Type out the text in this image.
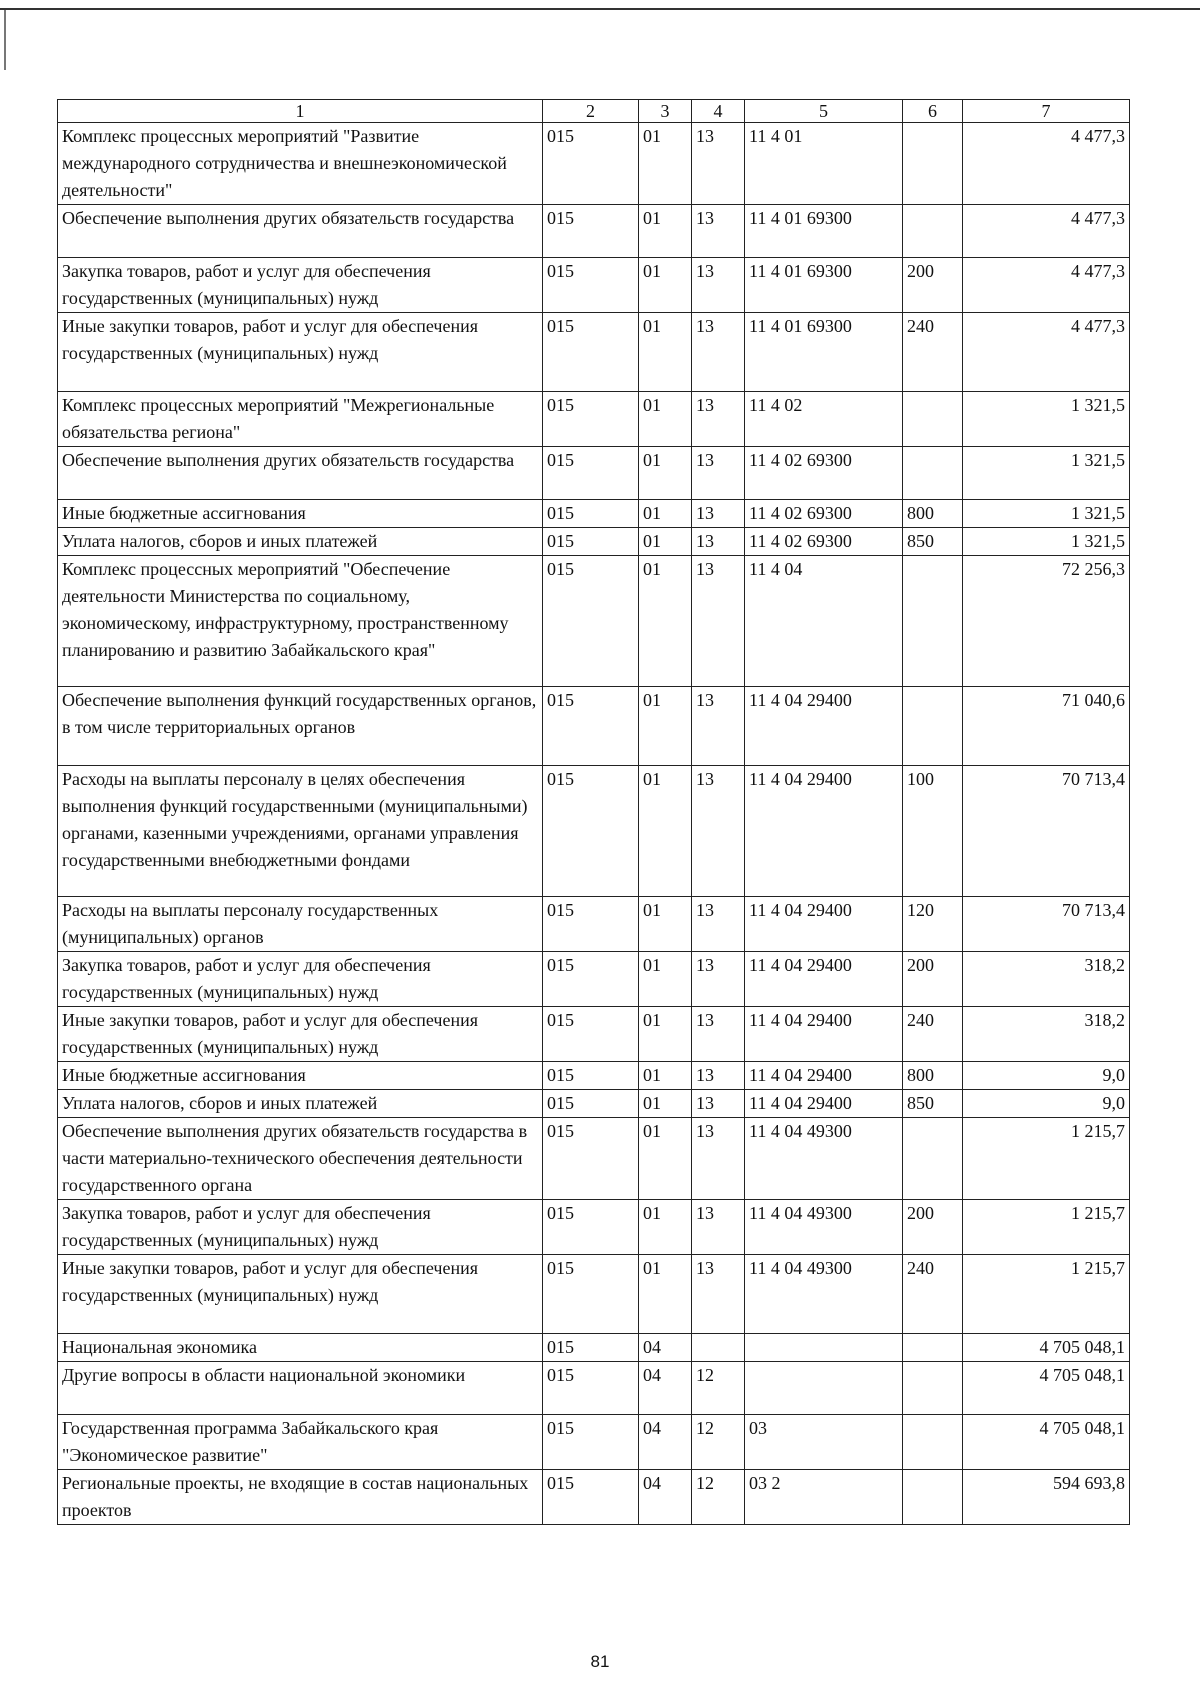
1	2	3	4	5	6	7
Комплекс процессных мероприятий "Развитие международного сотрудничества и внешнеэкономической деятельности"	015	01	13	11 4 01		4 477,3
Обеспечение выполнения других обязательств государства	015	01	13	11 4 01 69300		4 477,3
Закупка товаров, работ и услуг для обеспечения государственных (муниципальных) нужд	015	01	13	11 4 01 69300	200	4 477,3
Иные закупки товаров, работ и услуг для обеспечения государственных (муниципальных) нужд	015	01	13	11 4 01 69300	240	4 477,3
Комплекс процессных мероприятий "Межрегиональные обязательства региона"	015	01	13	11 4 02		1 321,5
Обеспечение выполнения других обязательств государства	015	01	13	11 4 02 69300		1 321,5
Иные бюджетные ассигнования	015	01	13	11 4 02 69300	800	1 321,5
Уплата налогов, сборов и иных платежей	015	01	13	11 4 02 69300	850	1 321,5
Комплекс процессных мероприятий "Обеспечение деятельности Министерства по социальному, экономическому, инфраструктурному, пространственному планированию и развитию Забайкальского края"	015	01	13	11 4 04		72 256,3
Обеспечение выполнения функций государственных органов, в том числе территориальных органов	015	01	13	11 4 04 29400		71 040,6
Расходы на выплаты персоналу в целях обеспечения выполнения функций государственными (муниципальными) органами, казенными учреждениями, органами управления государственными внебюджетными фондами	015	01	13	11 4 04 29400	100	70 713,4
Расходы на выплаты персоналу государственных (муниципальных) органов	015	01	13	11 4 04 29400	120	70 713,4
Закупка товаров, работ и услуг для обеспечения государственных (муниципальных) нужд	015	01	13	11 4 04 29400	200	318,2
Иные закупки товаров, работ и услуг для обеспечения государственных (муниципальных) нужд	015	01	13	11 4 04 29400	240	318,2
Иные бюджетные ассигнования	015	01	13	11 4 04 29400	800	9,0
Уплата налогов, сборов и иных платежей	015	01	13	11 4 04 29400	850	9,0
Обеспечение выполнения других обязательств государства в части материально-технического обеспечения деятельности государственного органа	015	01	13	11 4 04 49300		1 215,7
Закупка товаров, работ и услуг для обеспечения государственных (муниципальных) нужд	015	01	13	11 4 04 49300	200	1 215,7
Иные закупки товаров, работ и услуг для обеспечения государственных (муниципальных) нужд	015	01	13	11 4 04 49300	240	1 215,7
Национальная экономика	015	04				4 705 048,1
Другие вопросы в области национальной экономики	015	04	12			4 705 048,1
Государственная программа Забайкальского края "Экономическое развитие"	015	04	12	03		4 705 048,1
Региональные проекты, не входящие в состав национальных проектов	015	04	12	03 2		594 693,8
81
